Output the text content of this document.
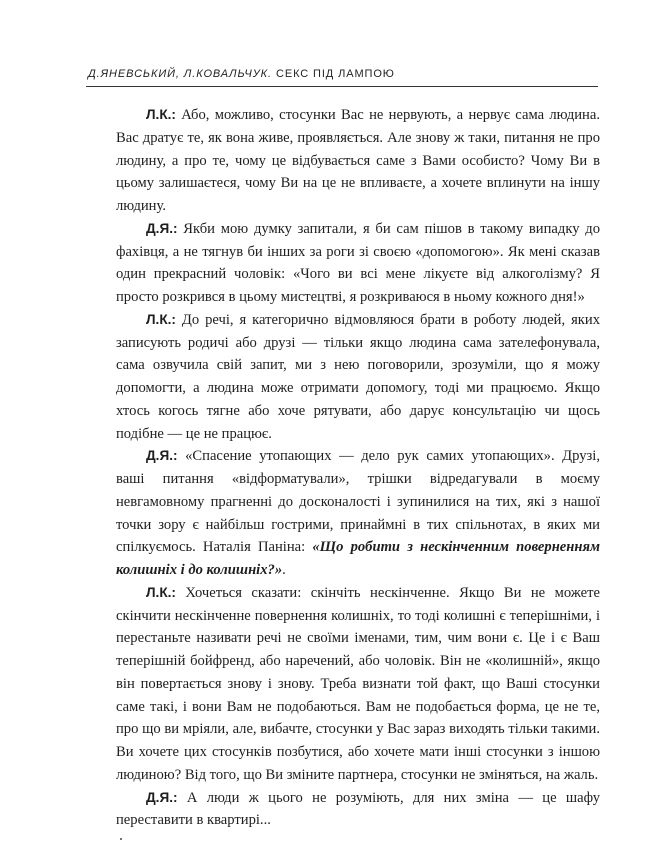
Д.ЯНЕВСЬКИЙ, Л.КОВАЛЬЧУК. СЕКС ПІД ЛАМПОЮ

Л.К.: Або, можливо, стосунки Вас не нервують, а нервує сама людина. Вас дратує те, як вона живе, проявляється. Але знову ж таки, питання не про людину, а про те, чому це відбувається саме з Вами особисто? Чому Ви в цьому залишаєтеся, чому Ви на це не впливаєте, а хочете вплинути на іншу людину.

Д.Я.: Якби мою думку запитали, я би сам пішов в такому випадку до фахівця, а не тягнув би інших за роги зі своєю «допомогою». Як мені сказав один прекрасний чоловік: «Чого ви всі мене лікуєте від алкоголізму? Я просто розкрився в цьому мистецтві, я розкриваюся в ньому кожного дня!»

Л.К.: До речі, я категорично відмовляюся брати в роботу людей, яких записують родичі або друзі — тільки якщо людина сама зателефонувала, сама озвучила свій запит, ми з нею поговорили, зрозуміли, що я можу допомогти, а людина може отримати допомогу, тоді ми працюємо. Якщо хтось когось тягне або хоче рятувати, або дарує консультацію чи щось подібне — це не працює.

Д.Я.: «Спасение утопающих — дело рук самих утопающих». Друзі, ваші питання «відформатували», трішки відредагували в моєму невгамовному прагненні до досконалості і зупинилися на тих, які з нашої точки зору є найбільш гострими, принаймні в тих спільнотах, в яких ми спілкуємось. Наталія Паніна: «Що робити з нескінченним поверненням колишніх і до колишніх?».

Л.К.: Хочеться сказати: скінчіть нескінченне. Якщо Ви не можете скінчити нескінченне повернення колишніх, то тоді колишні є теперішніми, і перестаньте називати речі не своїми іменами, тим, чим вони є. Це і є Ваш теперішній бойфренд, або наречений, або чоловік. Він не «колишній», якщо він повертається знову і знову. Треба визнати той факт, що Ваші стосунки саме такі, і вони Вам не подобаються. Вам не подобається форма, це не те, про що ви мріяли, але, вибачте, стосунки у Вас зараз виходять тільки такими. Ви хочете цих стосунків позбутися, або хочете мати інші стосунки з іншою людиною? Від того, що Ви зміните партнера, стосунки не зміняться, на жаль.

Д.Я.: А люди ж цього не розуміють, для них зміна — це шафу переставити в квартирі...
